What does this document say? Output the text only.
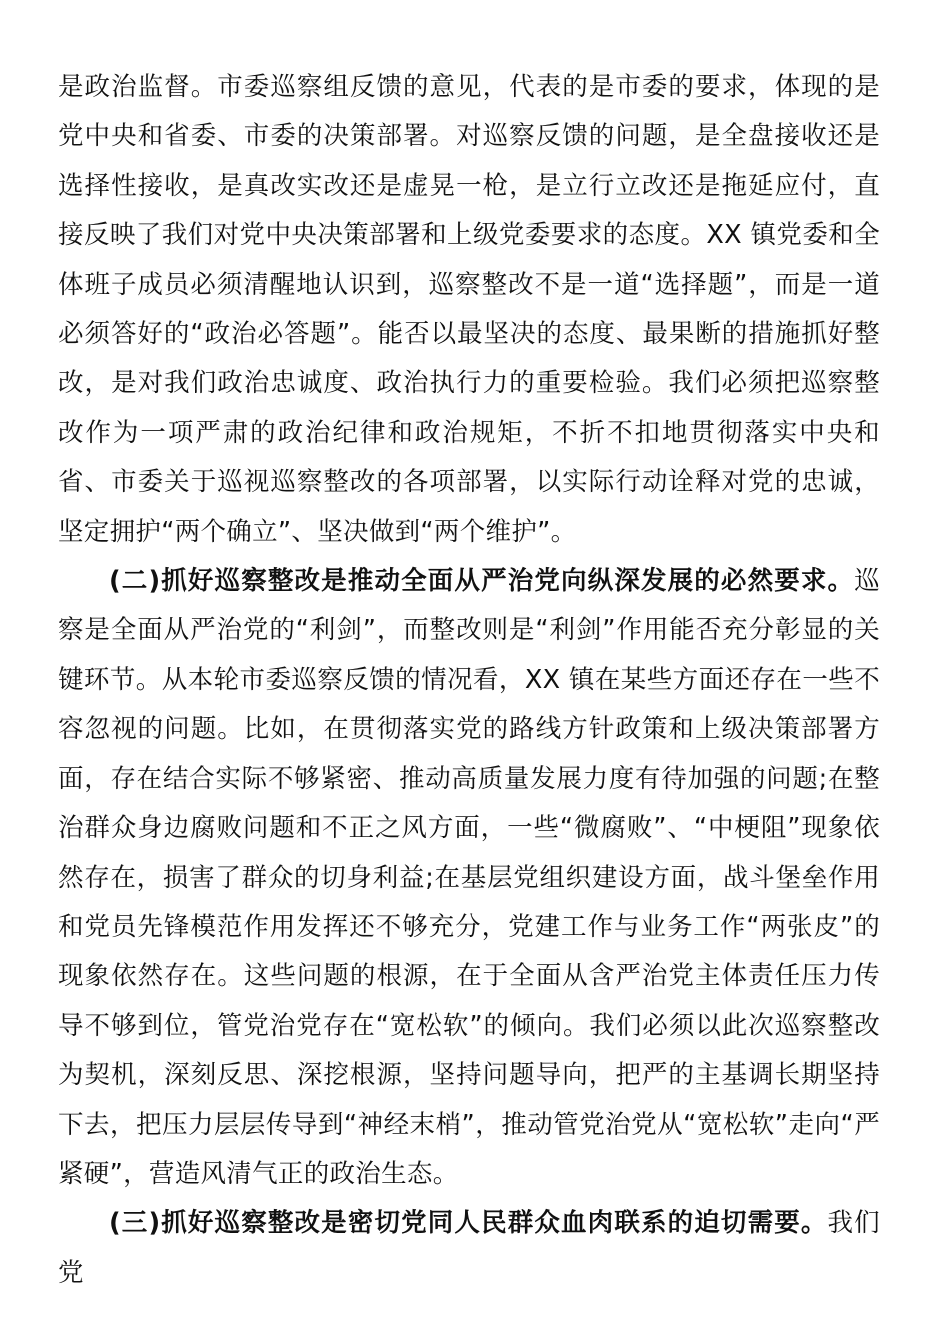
是政治监督。市委巡察组反馈的意见，代表的是市委的要求，体现的是党中央和省委、市委的决策部署。对巡察反馈的问题，是全盘接收还是选择性接收，是真改实改还是虚晃一枪，是立行立改还是拖延应付，直接反映了我们对党中央决策部署和上级党委要求的态度。XX 镇党委和全体班子成员必须清醒地认识到，巡察整改不是一道“选择题”，而是一道必须答好的“政治必答题”。能否以最坚决的态度、最果断的措施抓好整改，是对我们政治忠诚度、政治执行力的重要检验。我们必须把巡察整改作为一项严肃的政治纪律和政治规矩，不折不扣地贯彻落实中央和省、市委关于巡视巡察整改的各项部署，以实际行动诠释对党的忠诚，坚定拥护“两个确立”、坚决做到“两个维护”。

(二)抓好巡察整改是推动全面从严治党向纵深发展的必然要求。巡察是全面从严治党的“利剑”，而整改则是“利剑”作用能否充分彰显的关键环节。从本轮市委巡察反馈的情况看，XX 镇在某些方面还存在一些不容忽视的问题。比如，在贯彻落实党的路线方针政策和上级决策部署方面，存在结合实际不够紧密、推动高质量发展力度有待加强的问题;在整治群众身边腐败问题和不正之风方面，一些“微腐败”、“中梗阻”现象依然存在，损害了群众的切身利益;在基层党组织建设方面，战斗堡垒作用和党员先锋模范作用发挥还不够充分，党建工作与业务工作“两张皮”的现象依然存在。这些问题的根源，在于全面从含严治党主体责任压力传导不够到位，管党治党存在“宽松软”的倾向。我们必须以此次巡察整改为契机，深刻反思、深挖根源，坚持问题导向，把严的主基调长期坚持下去，把压力层层传导到“神经末梢”，推动管党治党从“宽松软”走向“严紧硬”，营造风清气正的政治生态。

(三)抓好巡察整改是密切党同人民群众血肉联系的迫切需要。我们党
